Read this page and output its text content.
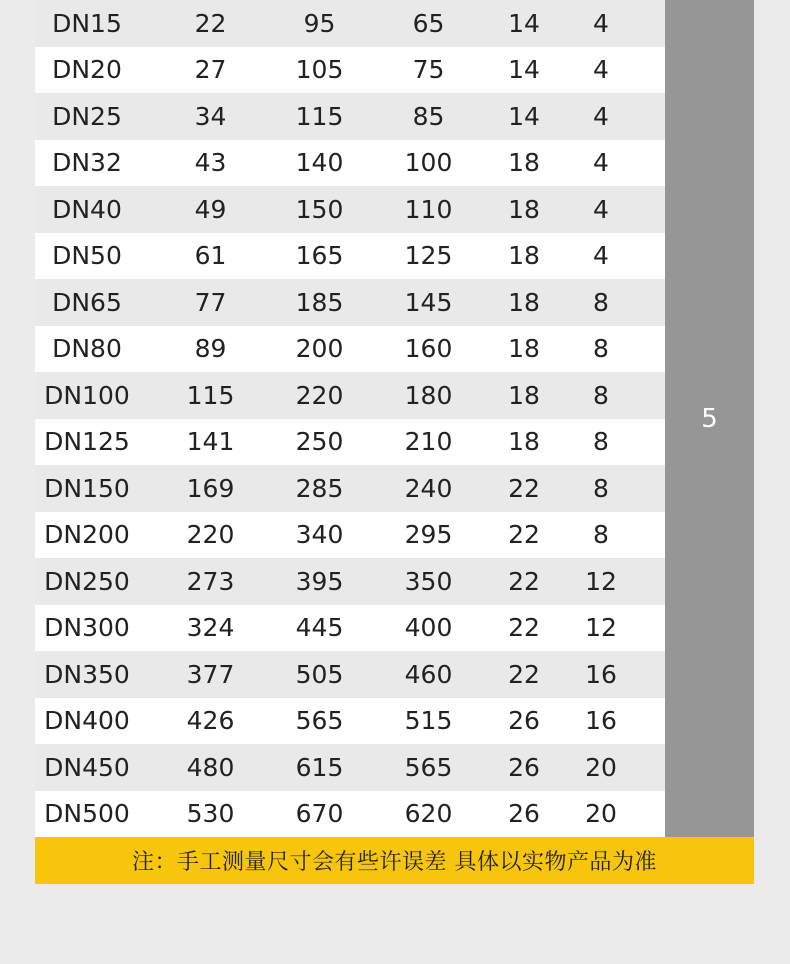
DN15	22	95	65	14	4
DN20	27	105	75	14	4
DN25	34	115	85	14	4
DN32	43	140	100	18	4
DN40	49	150	110	18	4
DN50	61	165	125	18	4
DN65	77	185	145	18	8
DN80	89	200	160	18	8
DN100	115	220	180	18	8
DN125	141	250	210	18	8
DN150	169	285	240	22	8
DN200	220	340	295	22	8
DN250	273	395	350	22	12
DN300	324	445	400	22	12
DN350	377	505	460	22	16
DN400	426	565	515	26	16
DN450	480	615	565	26	20
DN500	530	670	620	26	20
5
注：手工测量尺寸会有些许误差 具体以实物产品为准
